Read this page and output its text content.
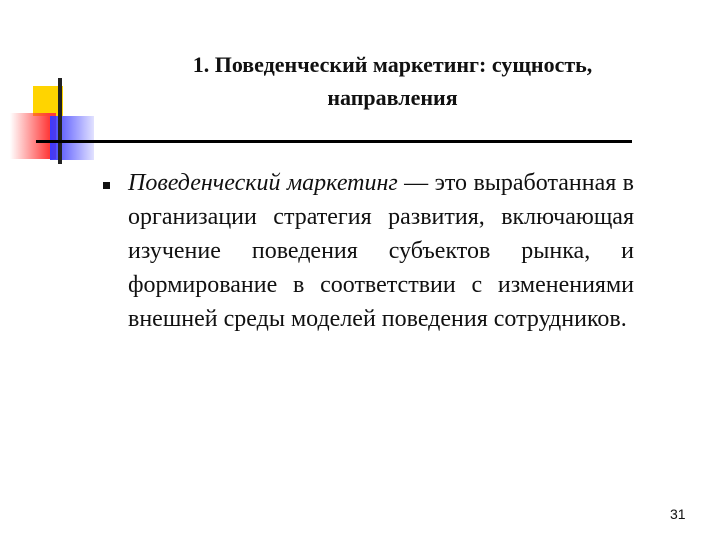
1. Поведенческий маркетинг: сущность,
направления
Поведенческий маркетинг — это выработанная в организации стратегия развития, включающая изучение поведения субъектов рынка, и формирование в соответствии с изменениями внешней среды моделей поведения сотрудников.
31
